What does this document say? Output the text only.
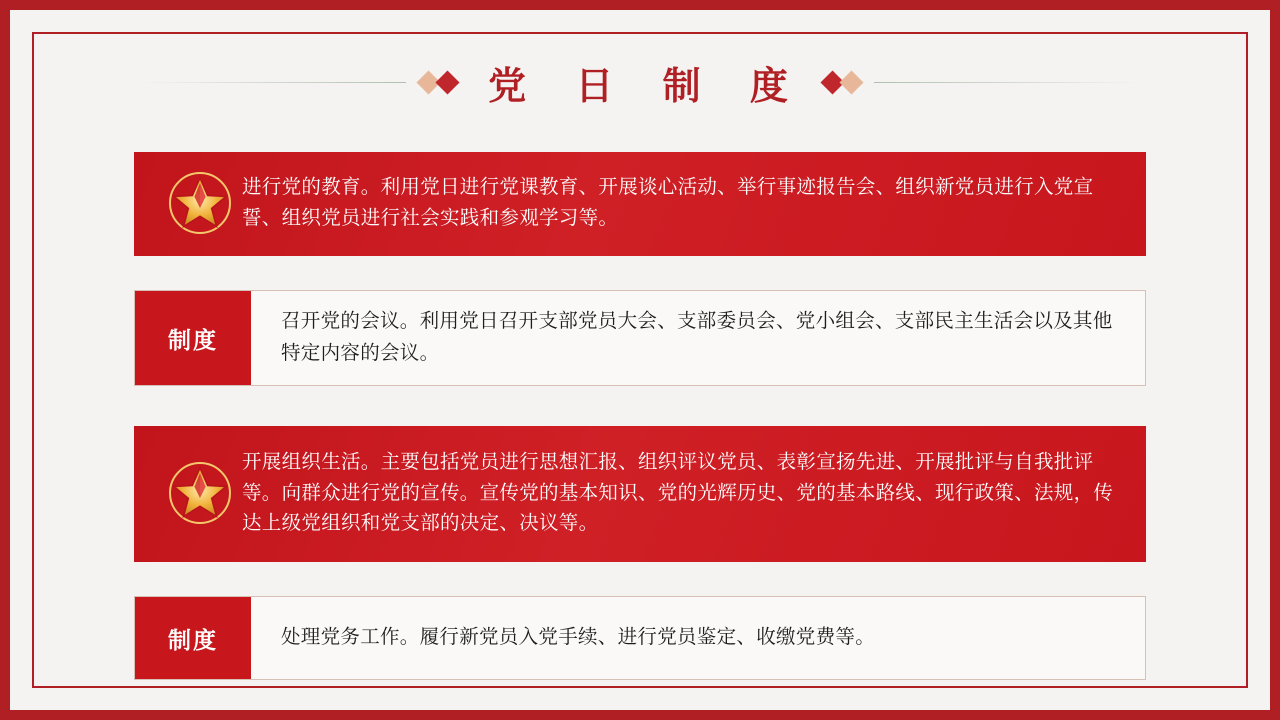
党 日 制 度
进行党的教育。利用党日进行党课教育、开展谈心活动、举行事迹报告会、组织新党员进行入党宣誓、组织党员进行社会实践和参观学习等。
制度
召开党的会议。利用党日召开支部党员大会、支部委员会、党小组会、支部民主生活会以及其他特定内容的会议。
开展组织生活。主要包括党员进行思想汇报、组织评议党员、表彰宣扬先进、开展批评与自我批评等。向群众进行党的宣传。宣传党的基本知识、党的光辉历史、党的基本路线、现行政策、法规，传达上级党组织和党支部的决定、决议等。
制度	处理党务工作。履行新党员入党手续、进行党员鉴定、收缴党费等。
